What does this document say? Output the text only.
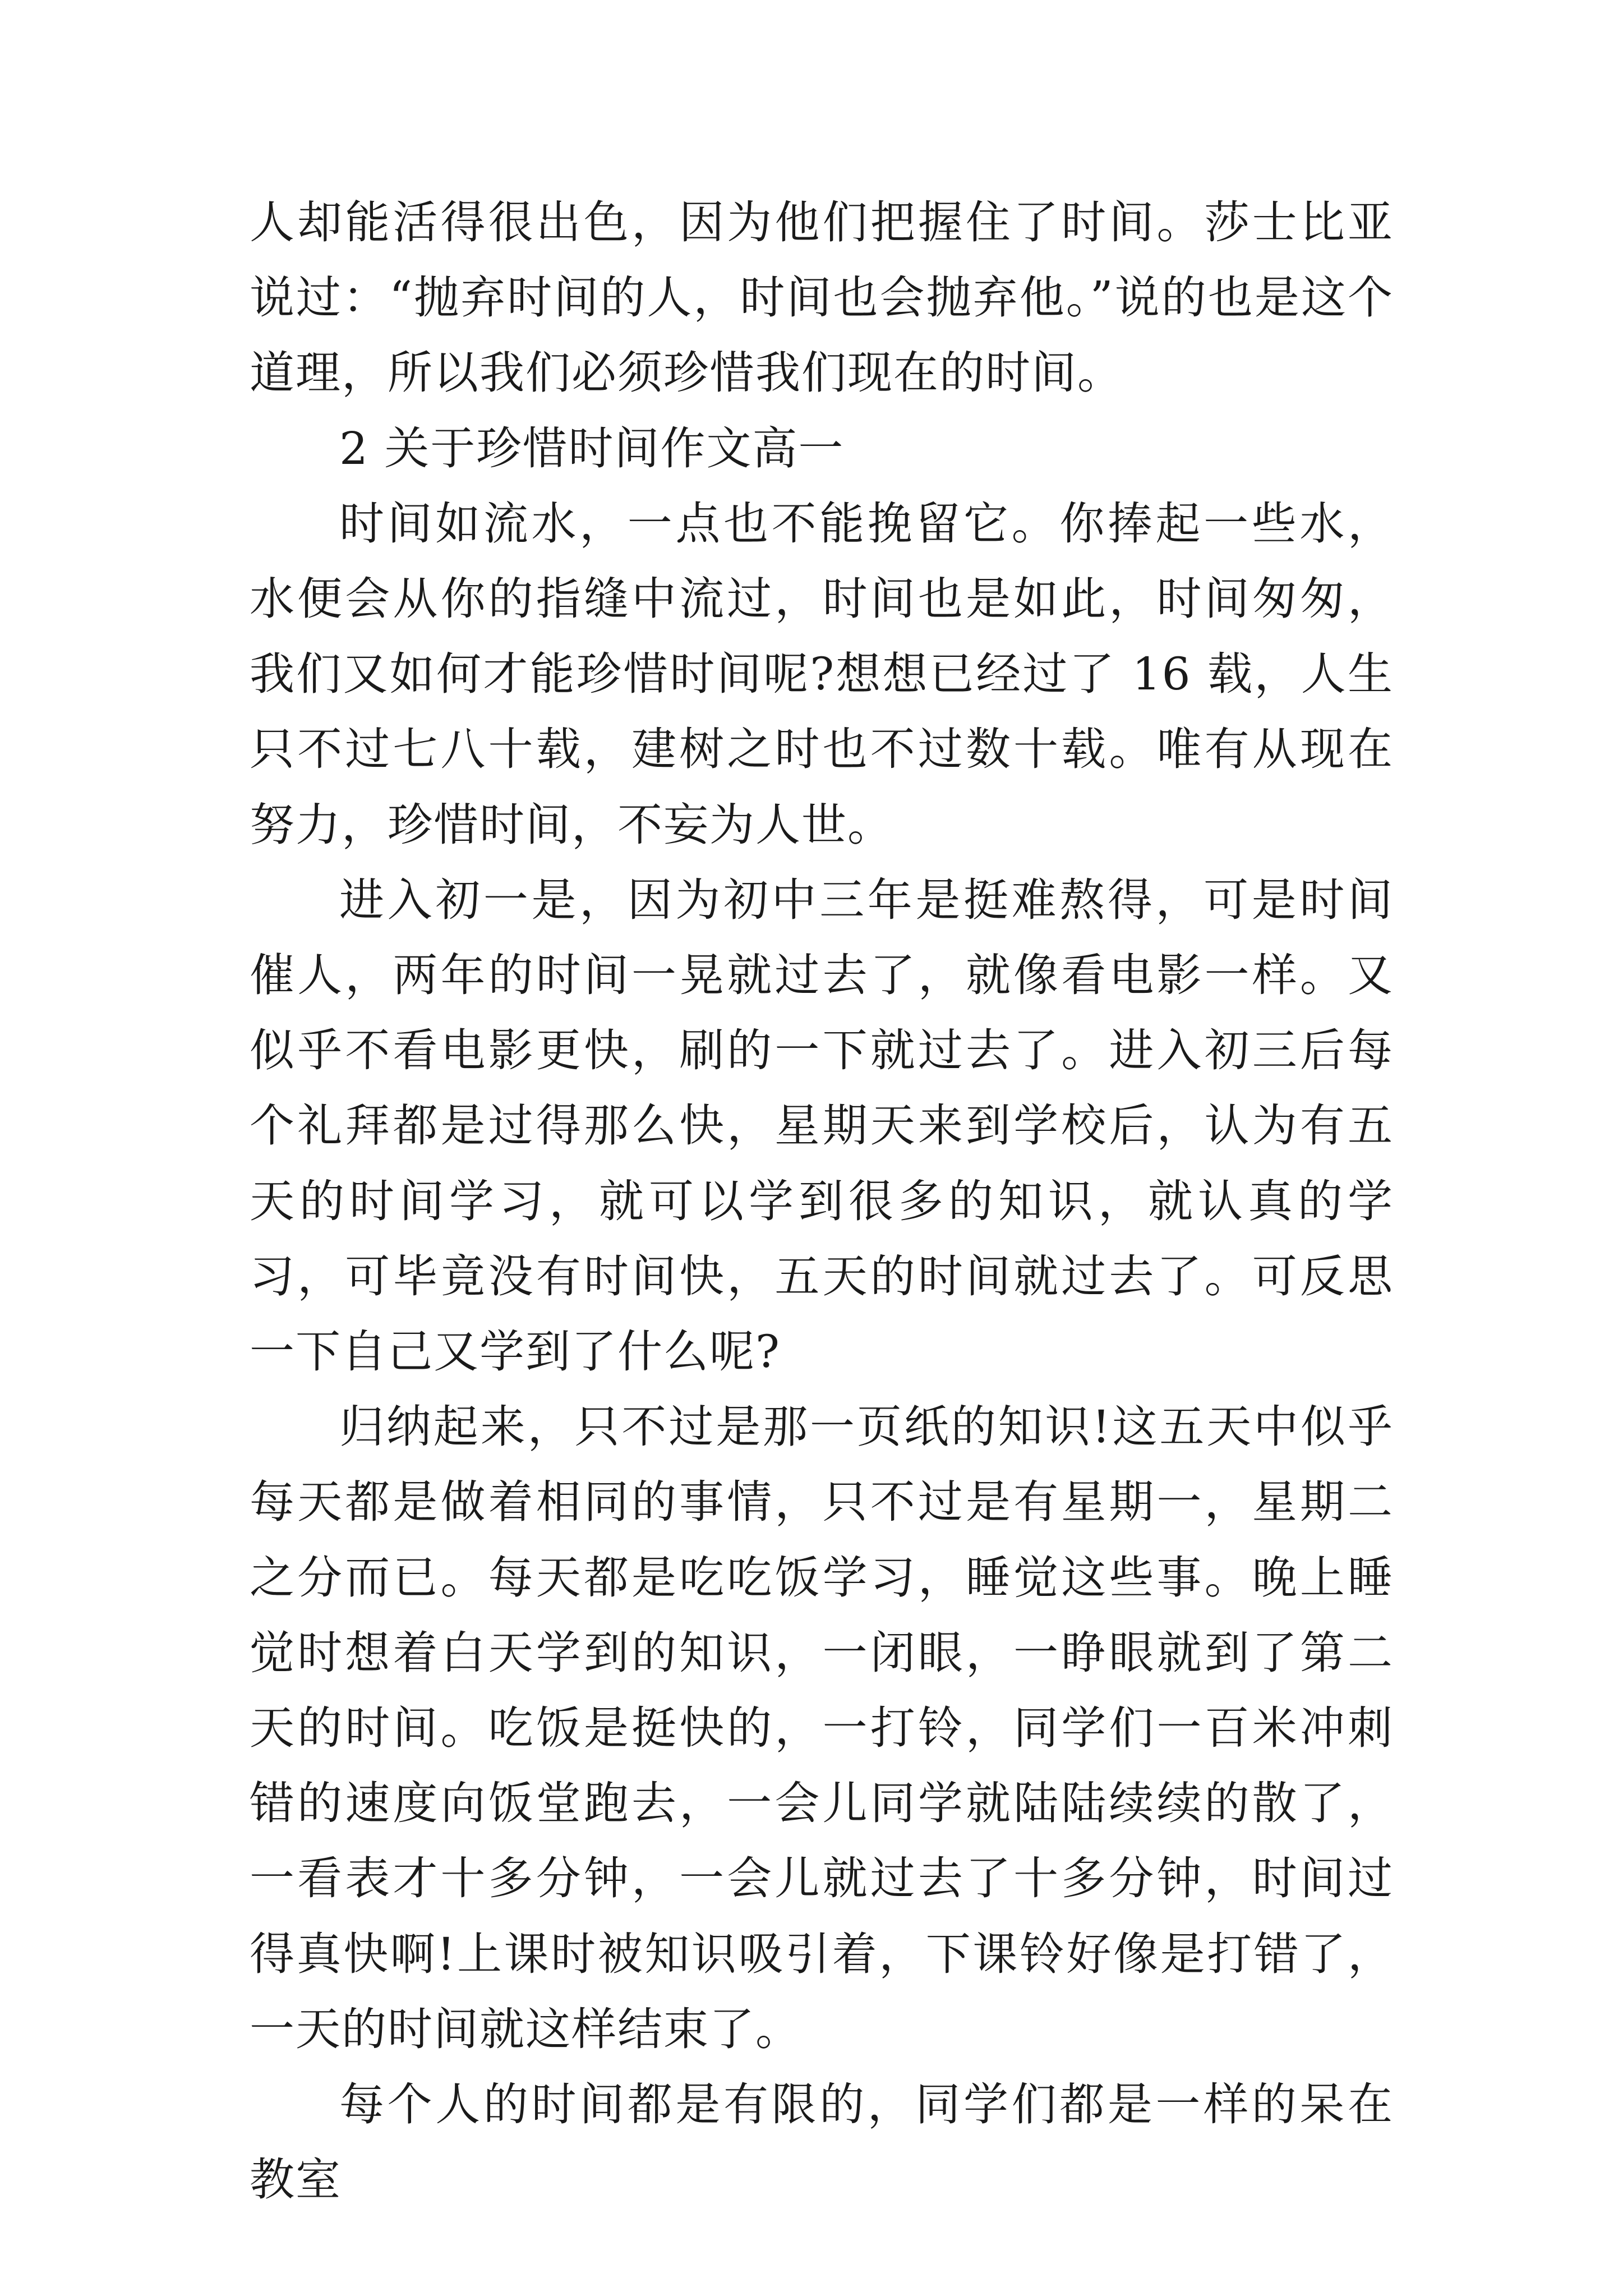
人却能活得很出色，因为他们把握住了时间。莎士比亚说过：“抛弃时间的人，时间也会抛弃他。”说的也是这个道理，所以我们必须珍惜我们现在的时间。

2 关于珍惜时间作文高一

时间如流水，一点也不能挽留它。你捧起一些水，水便会从你的指缝中流过，时间也是如此，时间匆匆，我们又如何才能珍惜时间呢?想想已经过了 16 载，人生只不过七八十载，建树之时也不过数十载。唯有从现在努力，珍惜时间，不妄为人世。

进入初一是，因为初中三年是挺难熬得，可是时间催人，两年的时间一晃就过去了，就像看电影一样。又似乎不看电影更快，刷的一下就过去了。进入初三后每个礼拜都是过得那么快，星期天来到学校后，认为有五天的时间学习，就可以学到很多的知识，就认真的学习，可毕竟没有时间快，五天的时间就过去了。可反思一下自己又学到了什么呢?

归纳起来，只不过是那一页纸的知识!这五天中似乎每天都是做着相同的事情，只不过是有星期一，星期二之分而已。每天都是吃吃饭学习，睡觉这些事。晚上睡觉时想着白天学到的知识，一闭眼，一睁眼就到了第二天的时间。吃饭是挺快的，一打铃，同学们一百米冲刺错的速度向饭堂跑去，一会儿同学就陆陆续续的散了，一看表才十多分钟，一会儿就过去了十多分钟，时间过得真快啊!上课时被知识吸引着，下课铃好像是打错了，一天的时间就这样结束了。

每个人的时间都是有限的，同学们都是一样的呆在教室
